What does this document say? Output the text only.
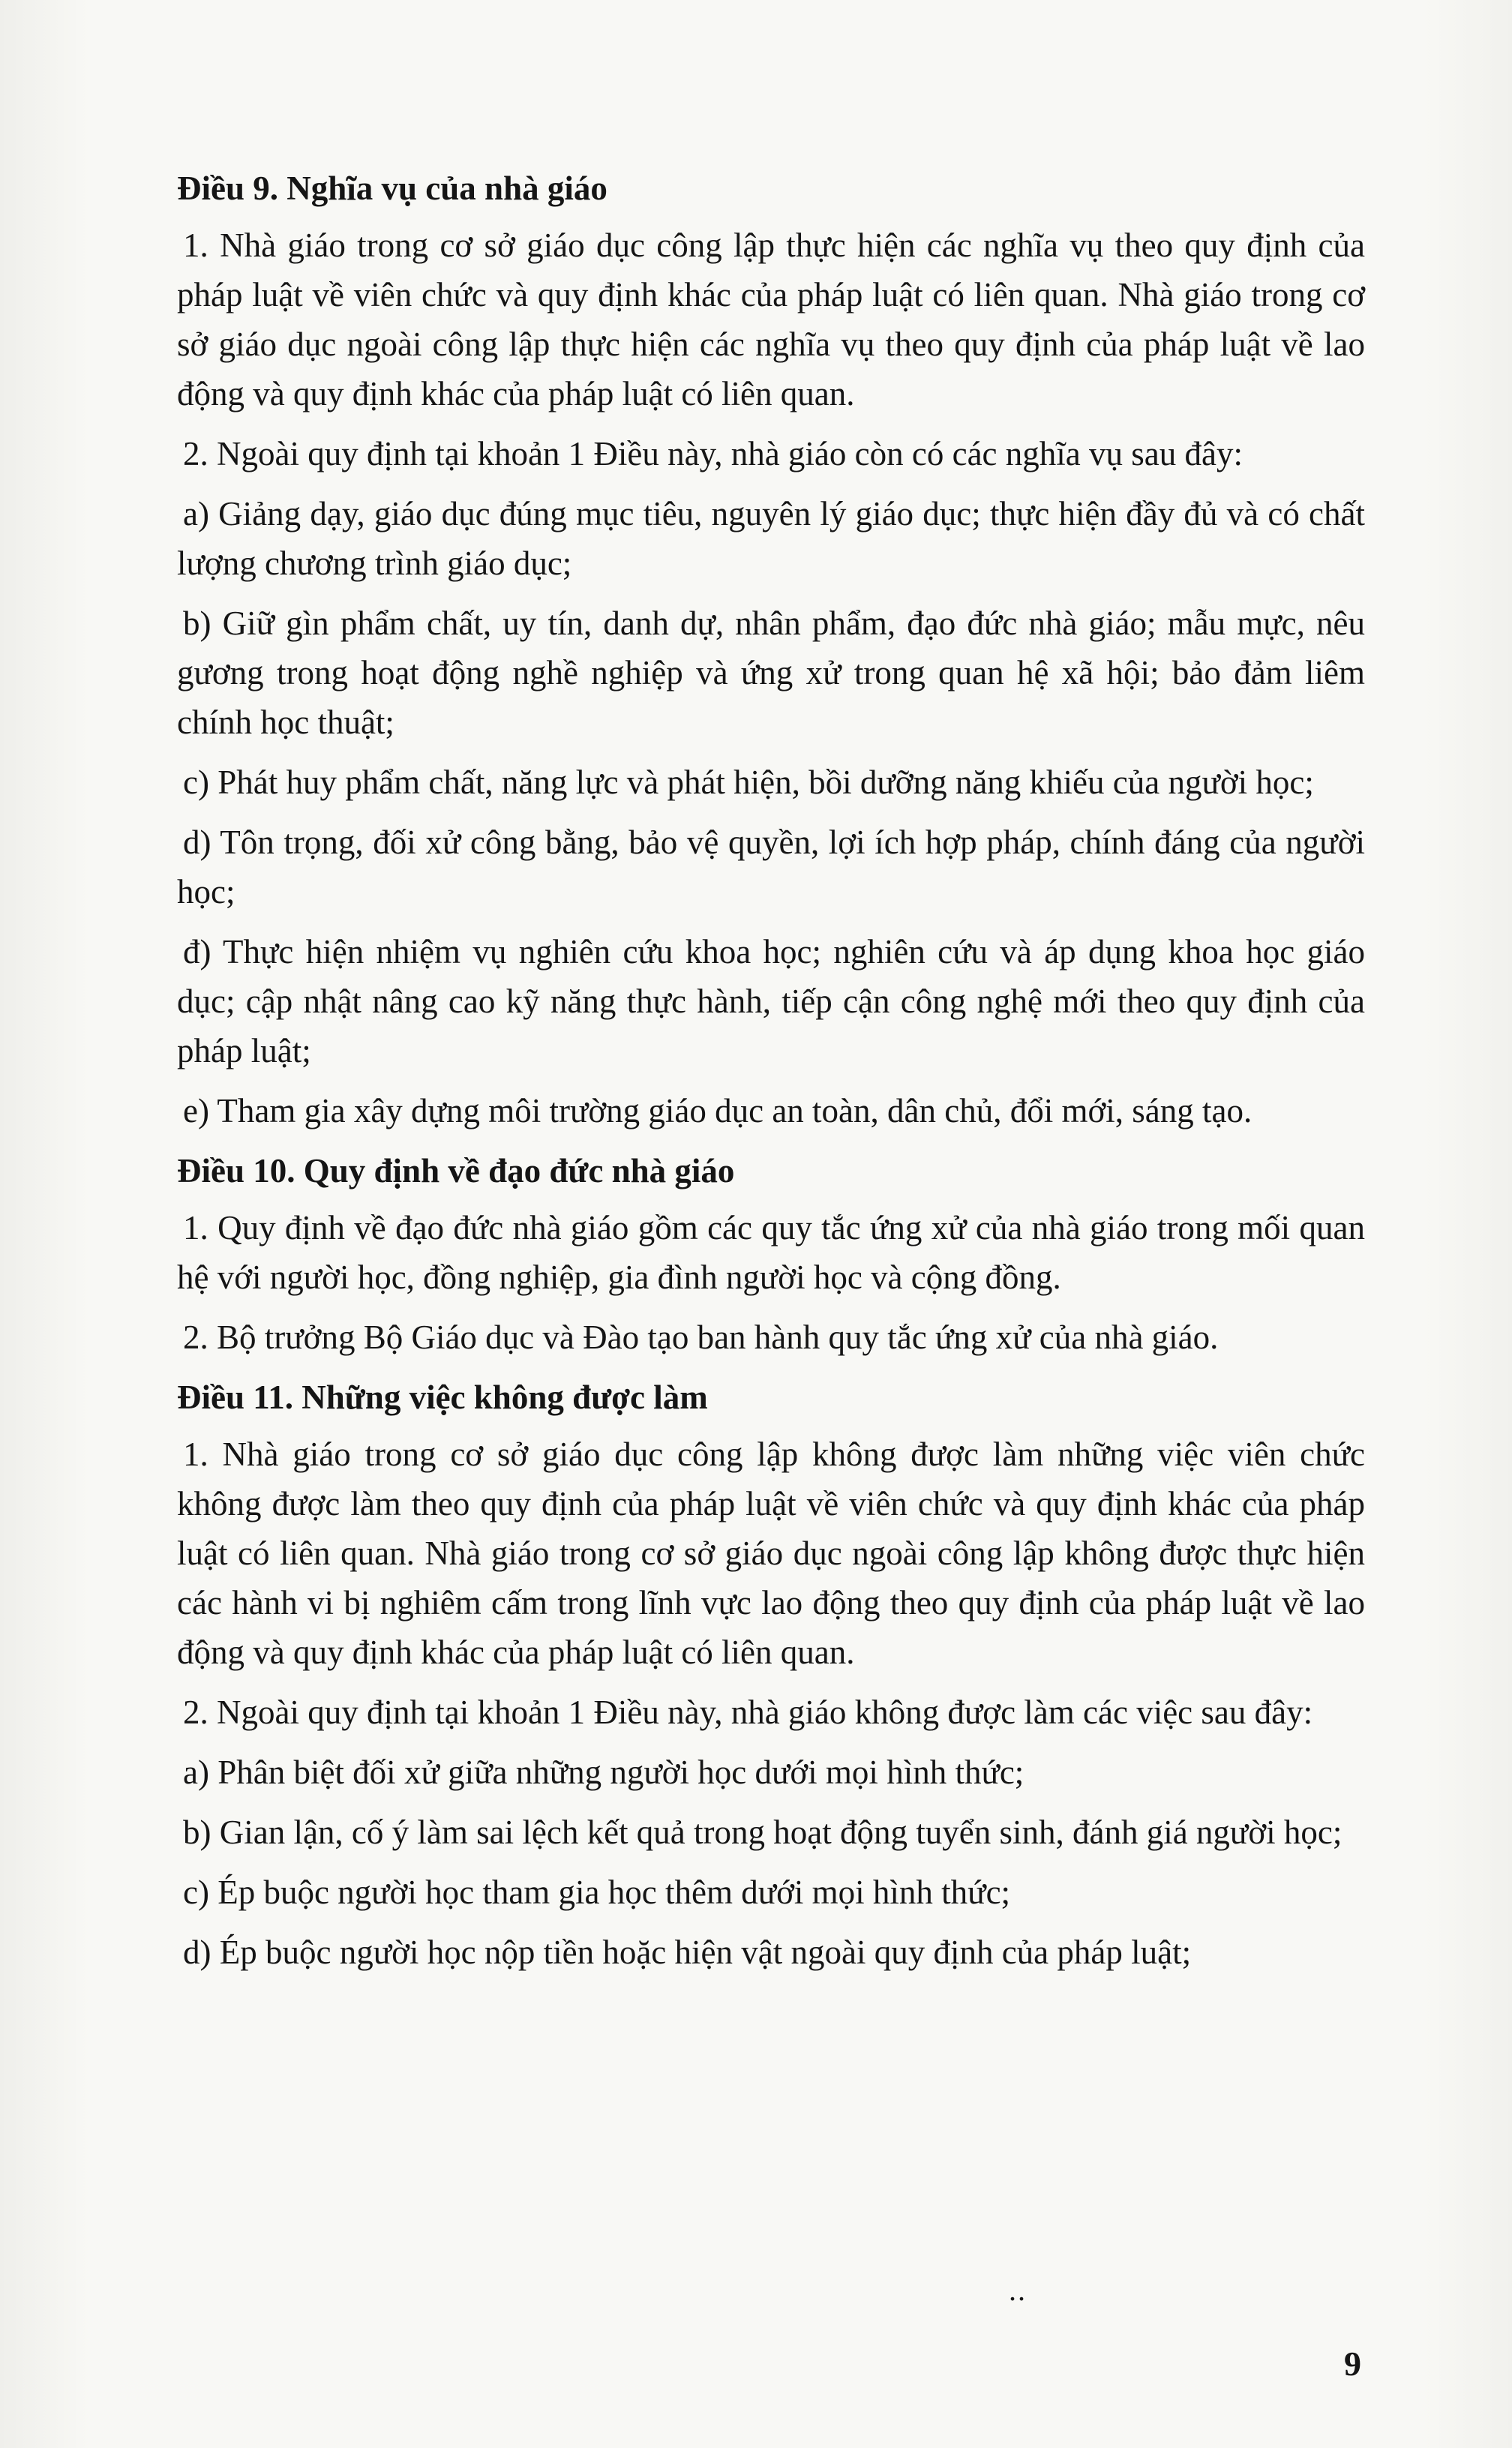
Điều 9. Nghĩa vụ của nhà giáo

1. Nhà giáo trong cơ sở giáo dục công lập thực hiện các nghĩa vụ theo quy định của pháp luật về viên chức và quy định khác của pháp luật có liên quan. Nhà giáo trong cơ sở giáo dục ngoài công lập thực hiện các nghĩa vụ theo quy định của pháp luật về lao động và quy định khác của pháp luật có liên quan.

2. Ngoài quy định tại khoản 1 Điều này, nhà giáo còn có các nghĩa vụ sau đây:

a) Giảng dạy, giáo dục đúng mục tiêu, nguyên lý giáo dục; thực hiện đầy đủ và có chất lượng chương trình giáo dục;

b) Giữ gìn phẩm chất, uy tín, danh dự, nhân phẩm, đạo đức nhà giáo; mẫu mực, nêu gương trong hoạt động nghề nghiệp và ứng xử trong quan hệ xã hội; bảo đảm liêm chính học thuật;

c) Phát huy phẩm chất, năng lực và phát hiện, bồi dưỡng năng khiếu của người học;

d) Tôn trọng, đối xử công bằng, bảo vệ quyền, lợi ích hợp pháp, chính đáng của người học;

đ) Thực hiện nhiệm vụ nghiên cứu khoa học; nghiên cứu và áp dụng khoa học giáo dục; cập nhật nâng cao kỹ năng thực hành, tiếp cận công nghệ mới theo quy định của pháp luật;

e) Tham gia xây dựng môi trường giáo dục an toàn, dân chủ, đổi mới, sáng tạo.

Điều 10. Quy định về đạo đức nhà giáo

1. Quy định về đạo đức nhà giáo gồm các quy tắc ứng xử của nhà giáo trong mối quan hệ với người học, đồng nghiệp, gia đình người học và cộng đồng.

2. Bộ trưởng Bộ Giáo dục và Đào tạo ban hành quy tắc ứng xử của nhà giáo.

Điều 11. Những việc không được làm

1. Nhà giáo trong cơ sở giáo dục công lập không được làm những việc viên chức không được làm theo quy định của pháp luật về viên chức và quy định khác của pháp luật có liên quan. Nhà giáo trong cơ sở giáo dục ngoài công lập không được thực hiện các hành vi bị nghiêm cấm trong lĩnh vực lao động theo quy định của pháp luật về lao động và quy định khác của pháp luật có liên quan.

2. Ngoài quy định tại khoản 1 Điều này, nhà giáo không được làm các việc sau đây:

a) Phân biệt đối xử giữa những người học dưới mọi hình thức;

b) Gian lận, cố ý làm sai lệch kết quả trong hoạt động tuyển sinh, đánh giá người học;

c) Ép buộc người học tham gia học thêm dưới mọi hình thức;

d) Ép buộc người học nộp tiền hoặc hiện vật ngoài quy định của pháp luật;

..
9
